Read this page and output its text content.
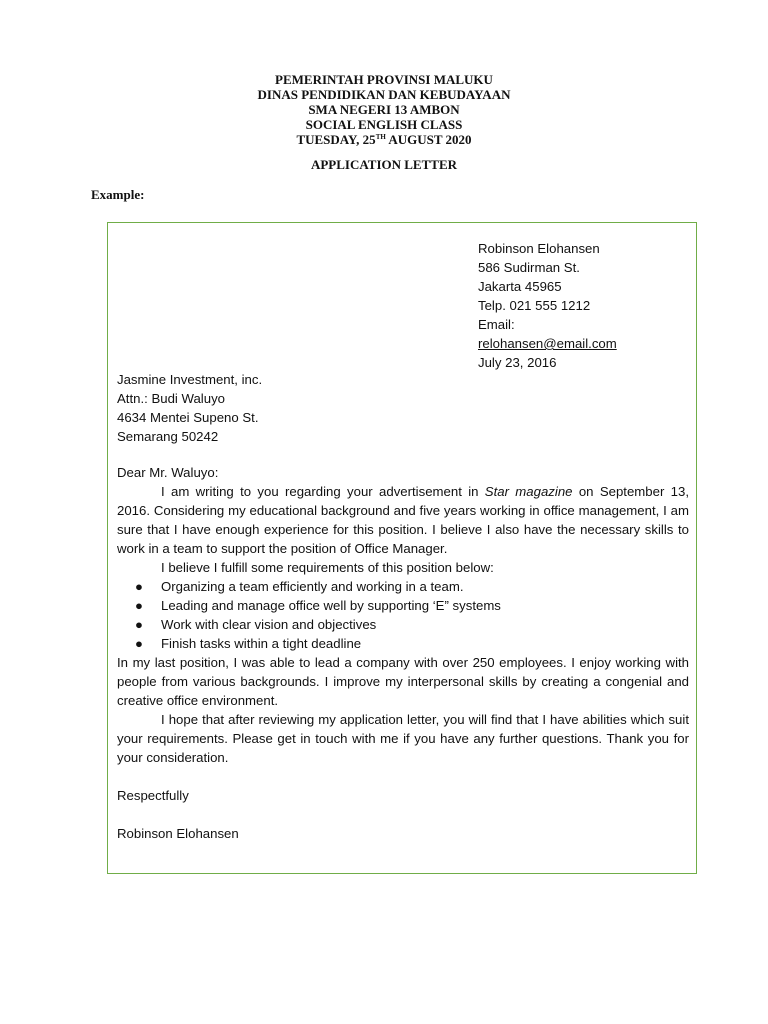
PEMERINTAH PROVINSI MALUKU
DINAS PENDIDIKAN DAN KEBUDAYAAN
SMA NEGERI 13 AMBON
SOCIAL ENGLISH CLASS
TUESDAY, 25TH AUGUST 2020
APPLICATION LETTER
Example:
Robinson Elohansen
586 Sudirman St.
Jakarta 45965
Telp. 021 555 1212
Email:
relohansen@email.com
July 23, 2016
Jasmine Investment, inc.
Attn.: Budi Waluyo
4634 Mentei Supeno St.
Semarang 50242
Dear Mr. Waluyo:

I am writing to you regarding your advertisement in Star magazine on September 13, 2016. Considering my educational background and five years working in office management, I am sure that I have enough experience for this position. I believe I also have the necessary skills to work in a team to support the position of Office Manager.

I believe I fulfill some requirements of this position below:

● Organizing a team efficiently and working in a team.
● Leading and manage office well by supporting ‘E” systems
● Work with clear vision and objectives
● Finish tasks within a tight deadline

In my last position, I was able to lead a company with over 250 employees. I enjoy working with people from various backgrounds. I improve my interpersonal skills by creating a congenial and creative office environment.

I hope that after reviewing my application letter, you will find that I have abilities which suit your requirements. Please get in touch with me if you have any further questions. Thank you for your consideration.

Respectfully
Robinson Elohansen
